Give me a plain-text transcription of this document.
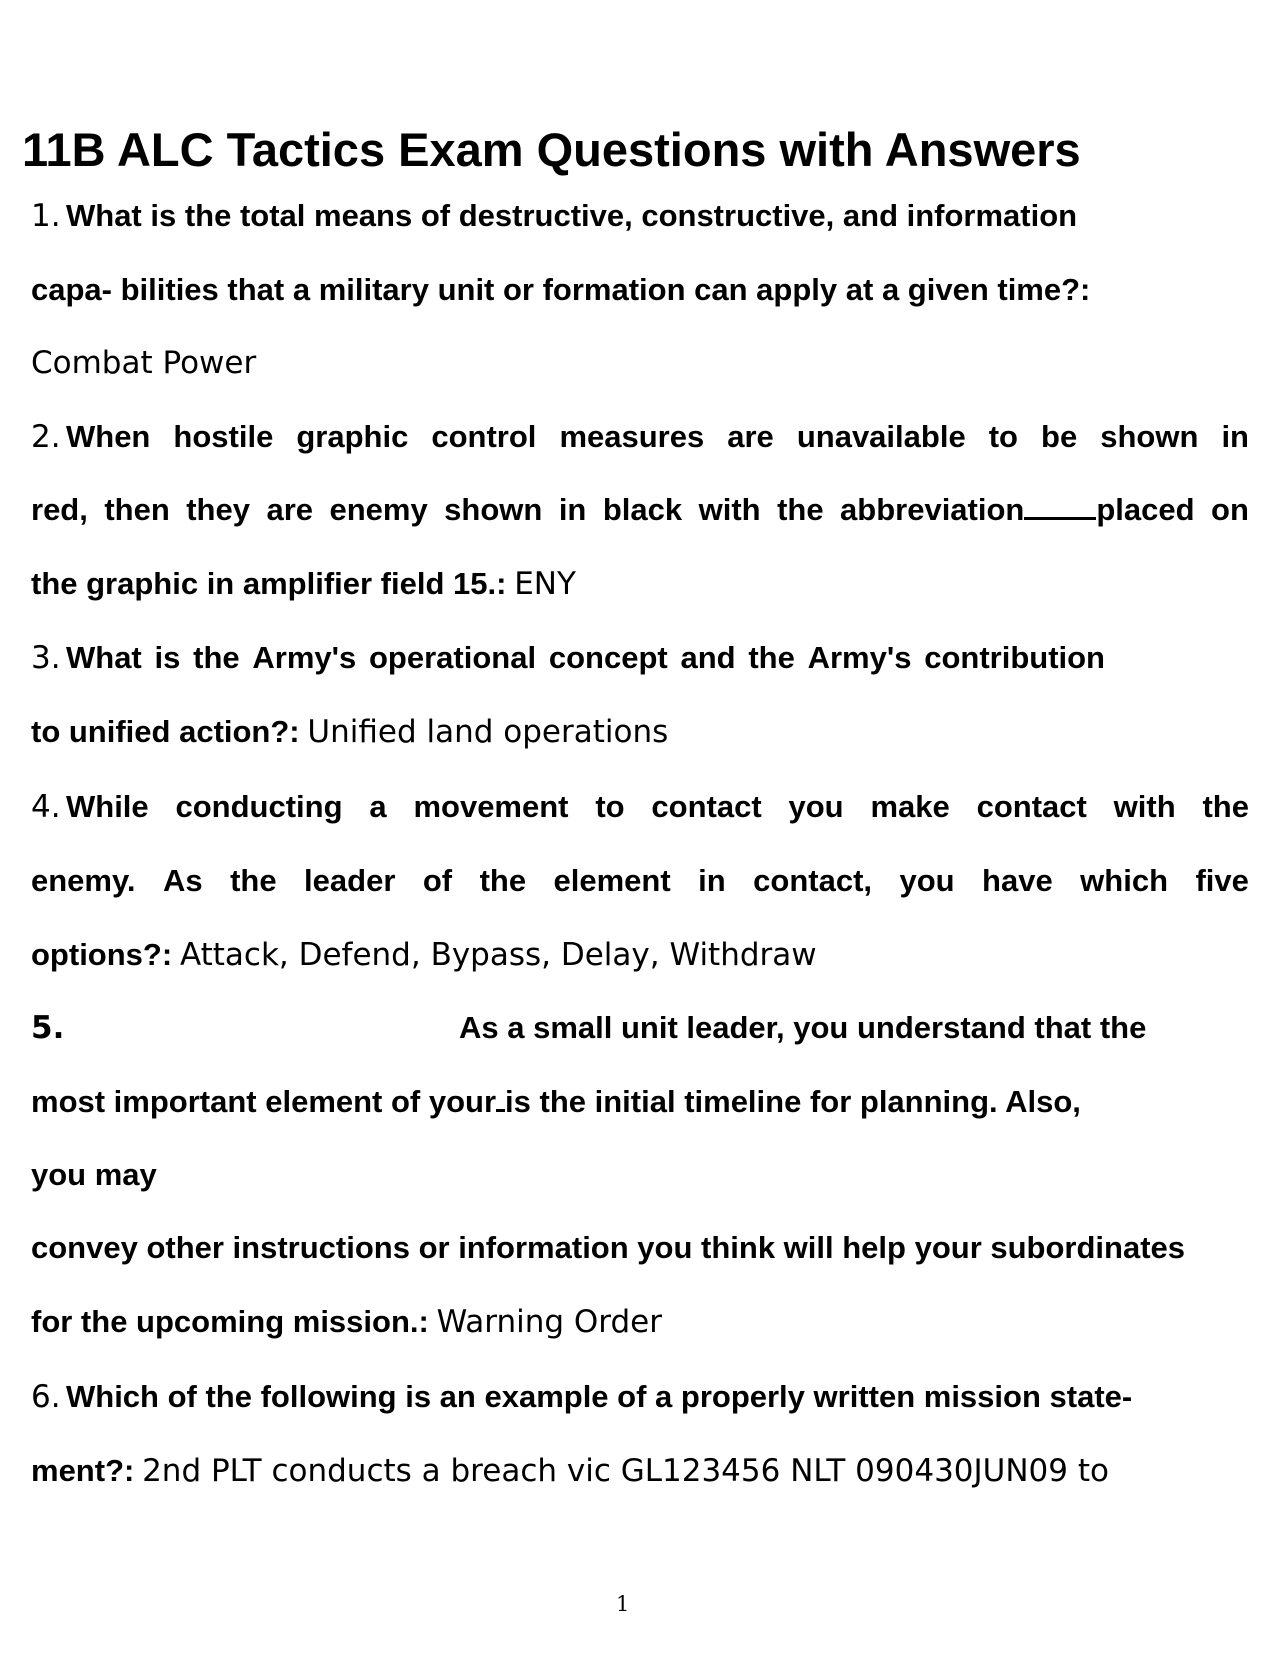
11B ALC Tactics Exam Questions with Answers
1. What is the total means of destructive, constructive, and information
capa- bilities that a military unit or formation can apply at a given time?:
Combat Power
2. When hostile graphic control measures are unavailable to be shown in
red, then they are enemy shown in black with the abbreviation placed on
the graphic in amplifier field 15.: ENY
3. What is the Army's operational concept and the Army's contribution
to unified action?: Unified land operations
4. While conducting a movement to contact you make contact with the
enemy. As the leader of the element in contact, you have which five
options?: Attack, Defend, Bypass, Delay, Withdraw
5.	As a small unit leader, you understand that the
most important element of your is the initial timeline for planning. Also,
you may
convey other instructions or information you think will help your subordinates
for the upcoming mission.: Warning Order
6. Which of the following is an example of a properly written mission state-
ment?: 2nd PLT conducts a breach vic GL123456 NLT 090430JUN09 to
1
